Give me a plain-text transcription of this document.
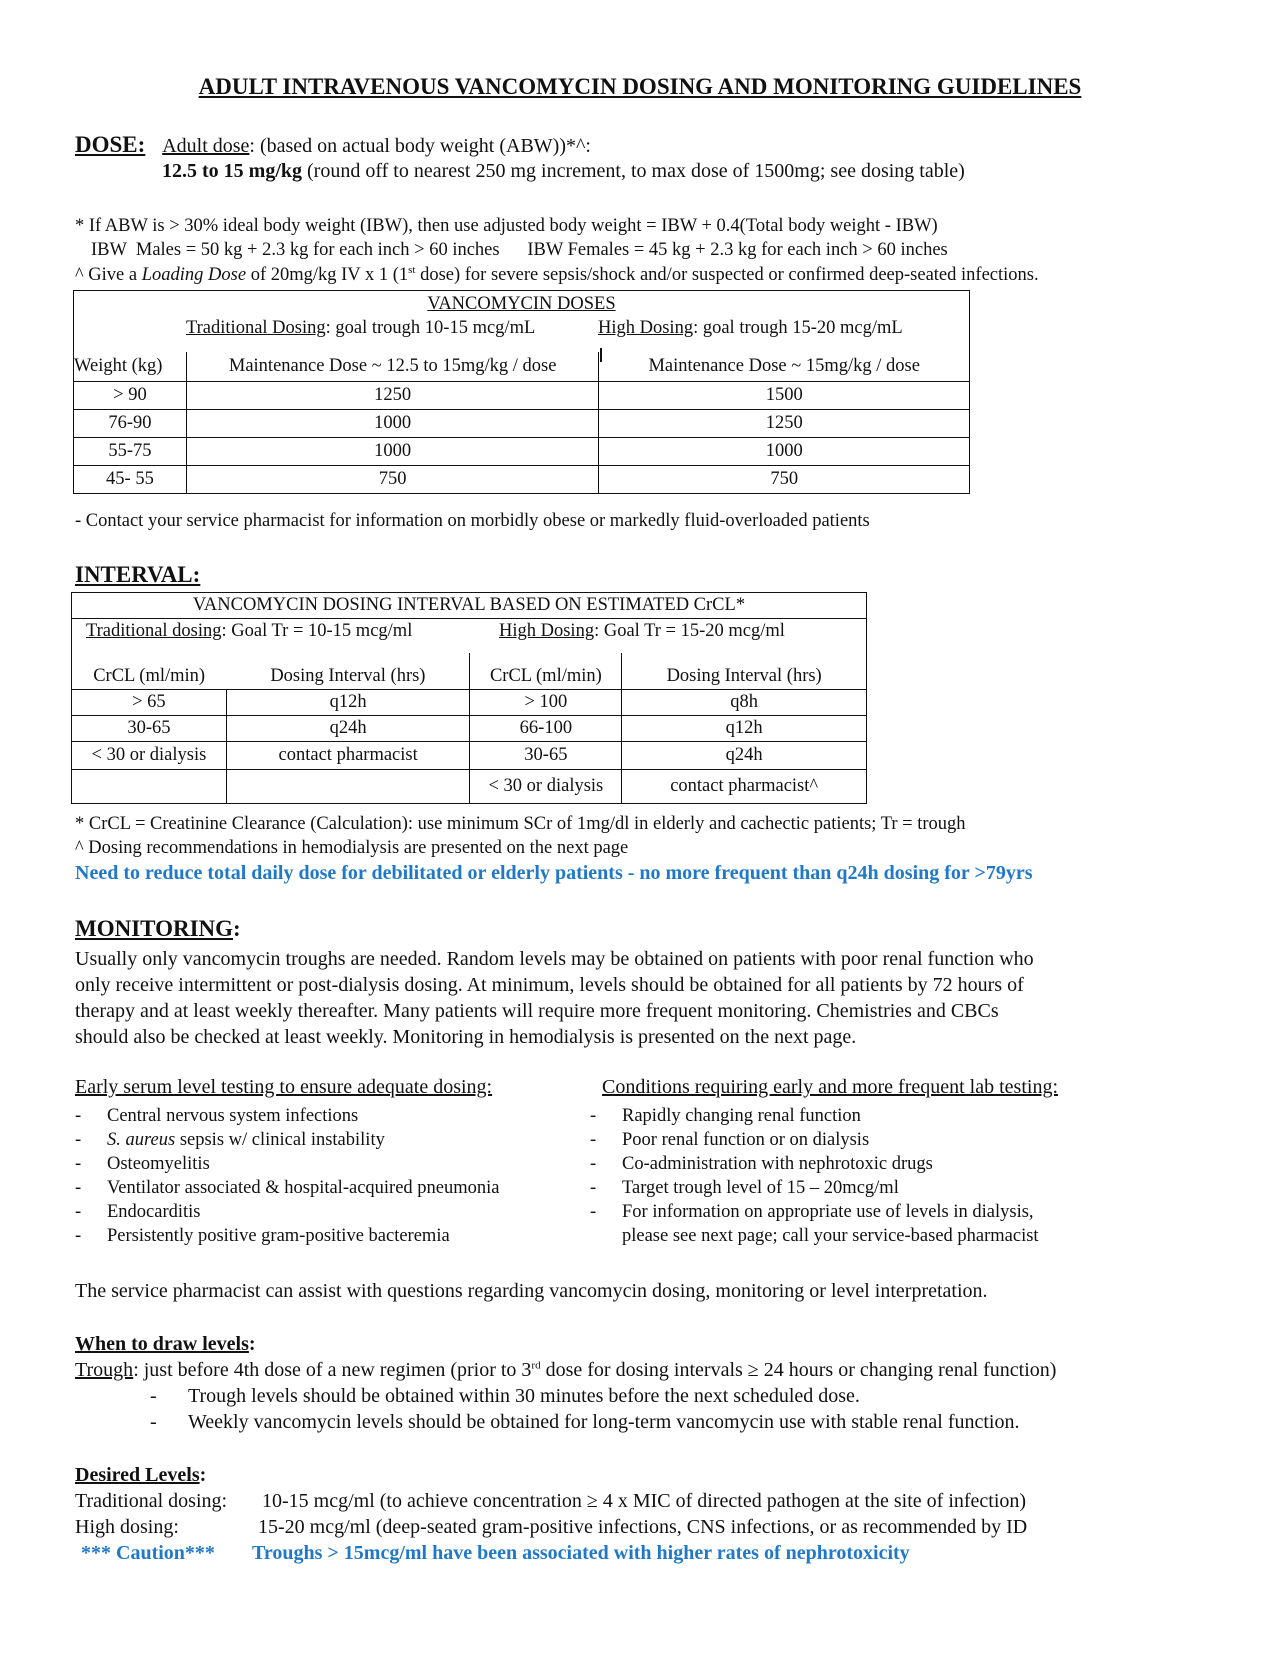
ADULT INTRAVENOUS VANCOMYCIN DOSING AND MONITORING GUIDELINES
DOSE: Adult dose: (based on actual body weight (ABW))*^:
12.5 to 15 mg/kg (round off to nearest 250 mg increment, to max dose of 1500mg; see dosing table)
* If ABW is > 30% ideal body weight (IBW), then use adjusted body weight = IBW + 0.4(Total body weight - IBW)
IBW  Males = 50 kg + 2.3 kg for each inch > 60 inches      IBW Females = 45 kg + 2.3 kg for each inch > 60 inches
^ Give a Loading Dose of 20mg/kg IV x 1 (1st dose) for severe sepsis/shock and/or suspected or confirmed deep-seated infections.
VANCOMYCIN DOSES		

Traditional Dosing: goal trough 10-15 mcg/mL High Dosing: goal trough 15-20 mcg/mL		

Weight (kg)	Maintenance Dose ~ 12.5 to 15mg/kg / dose	Maintenance Dose ~ 15mg/kg / dose
> 90	1250	1500
76-90	1000	1250
55-75	1000	1000
45- 55	750	750
- Contact your service pharmacist for information on morbidly obese or markedly fluid-overloaded patients
INTERVAL:
VANCOMYCIN DOSING INTERVAL BASED ON ESTIMATED CrCL*			

Traditional dosing: Goal Tr = 10-15 mcg/ml High Dosing: Goal Tr = 15-20 mcg/ml			

CrCL (ml/min)	Dosing Interval (hrs)	CrCL (ml/min)	Dosing Interval (hrs)
> 65	q12h	> 100	q8h
30-65	q24h	66-100	q12h
< 30 or dialysis	contact pharmacist	30-65	q24h
		< 30 or dialysis	contact pharmacist^
* CrCL = Creatinine Clearance (Calculation): use minimum SCr of 1mg/dl in elderly and cachectic patients; Tr = trough
^ Dosing recommendations in hemodialysis are presented on the next page
Need to reduce total daily dose for debilitated or elderly patients - no more frequent than q24h dosing for >79yrs
MONITORING:
Usually only vancomycin troughs are needed. Random levels may be obtained on patients with poor renal function who
only receive intermittent or post-dialysis dosing. At minimum, levels should be obtained for all patients by 72 hours of
therapy and at least weekly thereafter. Many patients will require more frequent monitoring. Chemistries and CBCs
should also be checked at least weekly. Monitoring in hemodialysis is presented on the next page.
Early serum level testing to ensure adequate dosing:	Conditions requiring early and more frequent lab testing:
-	Central nervous system infections
-	S. aureus sepsis w/ clinical instability
-	Osteomyelitis
-	Ventilator associated & hospital-acquired pneumonia
-	Endocarditis
-	Persistently positive gram-positive bacteremia
-	Rapidly changing renal function
-	Poor renal function or on dialysis
-	Co-administration with nephrotoxic drugs
-	Target trough level of 15 – 20mcg/ml
-	For information on appropriate use of levels in dialysis,
please see next page; call your service-based pharmacist
The service pharmacist can assist with questions regarding vancomycin dosing, monitoring or level interpretation.
When to draw levels:
Trough: just before 4th dose of a new regimen (prior to 3rd dose for dosing intervals ≥ 24 hours or changing renal function)
- Trough levels should be obtained within 30 minutes before the next scheduled dose.
- Weekly vancomycin levels should be obtained for long-term vancomycin use with stable renal function.
Desired Levels:
Traditional dosing: 10-15 mcg/ml (to achieve concentration ≥ 4 x MIC of directed pathogen at the site of infection)
High dosing:	15-20 mcg/ml (deep-seated gram-positive infections, CNS infections, or as recommended by ID
*** Caution*** Troughs > 15mcg/ml have been associated with higher rates of nephrotoxicity
